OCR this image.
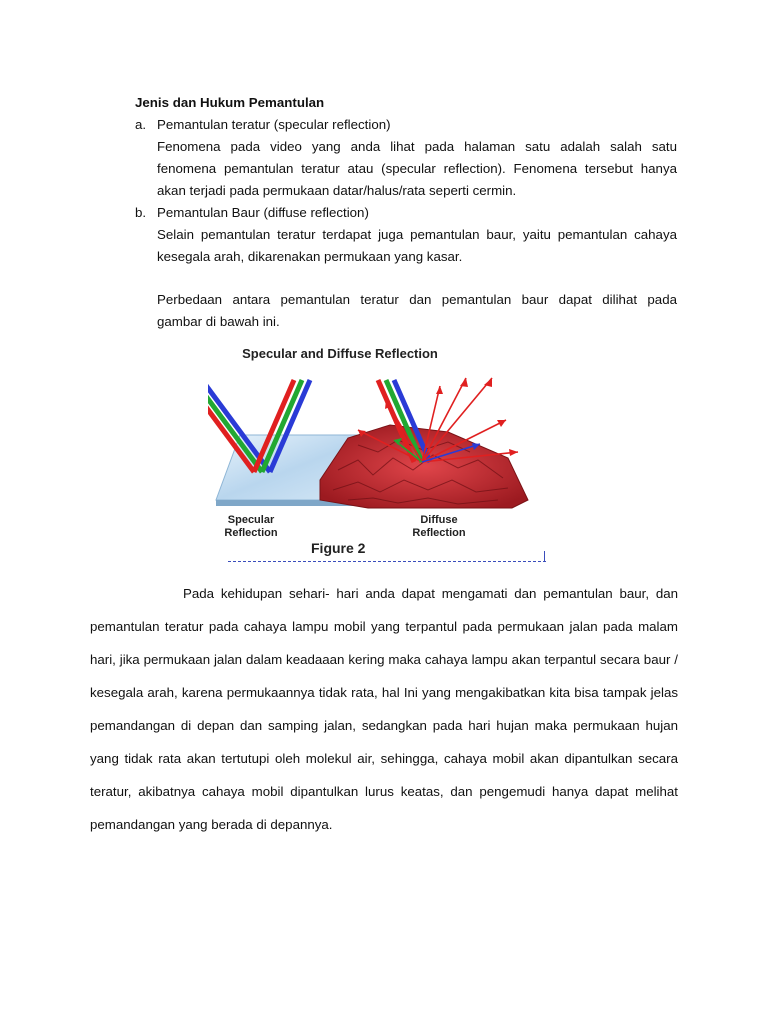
Jenis dan Hukum Pemantulan
a. Pemantulan teratur (specular reflection)

Fenomena pada video yang anda lihat pada halaman satu adalah salah satu

fenomena pemantulan teratur atau (specular reflection). Fenomena tersebut hanya

akan terjadi pada permukaan datar/halus/rata seperti cermin.

b. Pemantulan Baur (diffuse reflection)

Selain pemantulan teratur terdapat juga pemantulan baur, yaitu pemantulan cahaya

kesegala arah, dikarenakan permukaan yang kasar.

Perbedaan antara pemantulan teratur dan pemantulan baur dapat dilihat pada

gambar di bawah ini.

Specular and Diffuse Reflection
Specular
Reflection
Diffuse
Reflection
Figure 2

Pada kehidupan sehari- hari anda dapat mengamati dan pemantulan baur, dan pemantulan teratur pada cahaya lampu mobil yang terpantul pada permukaan jalan pada malam hari, jika permukaan jalan dalam keadaaan kering maka cahaya lampu akan terpantul secara baur / kesegala arah, karena permukaannya tidak rata, hal Ini yang mengakibatkan kita bisa tampak jelas pemandangan di depan dan samping jalan, sedangkan pada hari hujan maka permukaan hujan yang tidak rata akan tertutupi oleh molekul air, sehingga, cahaya mobil akan dipantulkan secara teratur, akibatnya cahaya mobil dipantulkan lurus keatas, dan pengemudi hanya dapat melihat pemandangan yang berada di depannya.
